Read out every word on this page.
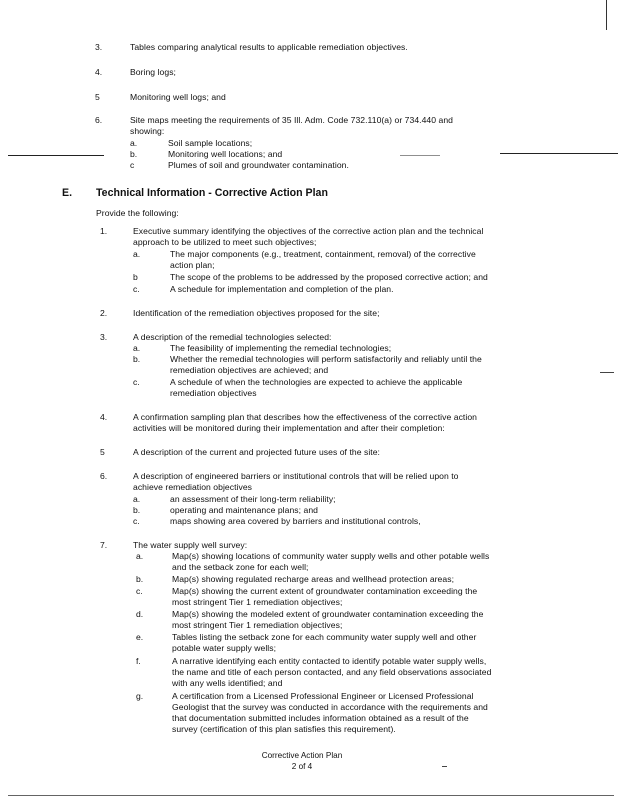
3.	Tables comparing analytical results to applicable remediation objectives.
4.	Boring logs;
5	Monitoring well logs; and
6.	Site maps meeting the requirements of 35 Ill. Adm. Code 732.110(a) or 734.440 and
showing:
a.	Soil sample locations;
b.	Monitoring well locations; and
c	Plumes of soil and groundwater contamination.
E. Technical Information - Corrective Action Plan
Provide the following:
1.	Executive summary identifying the objectives of the corrective action plan and the technical
approach to be utilized to meet such objectives;
a.	The major components (e.g., treatment, containment, removal) of the corrective
action plan;
b	The scope of the problems to be addressed by the proposed corrective action; and
c.	A schedule for implementation and completion of the plan.
2.	Identification of the remediation objectives proposed for the site;
3.	A description of the remedial technologies selected:
a.	The feasibility of implementing the remedial technologies;
b.	Whether the remedial technologies will perform satisfactorily and reliably until the
remediation objectives are achieved; and
c.	A schedule of when the technologies are expected to achieve the applicable
remediation objectives
4.	A confirmation sampling plan that describes how the effectiveness of the corrective action
activities will be monitored during their implementation and after their completion:
5	A description of the current and projected future uses of the site:
6.	A description of engineered barriers or institutional controls that will be relied upon to
achieve remediation objectives
a.	an assessment of their long-term reliability;
b.	operating and maintenance plans; and
c.	maps showing area covered by barriers and institutional controls,
7.	The water supply well survey:
a.	Map(s) showing locations of community water supply wells and other potable wells
and the setback zone for each well;
b.	Map(s) showing regulated recharge areas and wellhead protection areas;
c.	Map(s) showing the current extent of groundwater contamination exceeding the
most stringent Tier 1 remediation objectives;
d.	Map(s) showing the modeled extent of groundwater contamination exceeding the
most stringent Tier 1 remediation objectives;
e.	Tables listing the setback zone for each community water supply well and other
potable water supply wells;
f.	A narrative identifying each entity contacted to identify potable water supply wells,
the name and title of each person contacted, and any field observations associated
with any wells identified; and
g.	A certification from a Licensed Professional Engineer or Licensed Professional
Geologist that the survey was conducted in accordance with the requirements and
that documentation submitted includes information obtained as a result of the
survey (certification of this plan satisfies this requirement).
Corrective Action Plan
2 of 4
